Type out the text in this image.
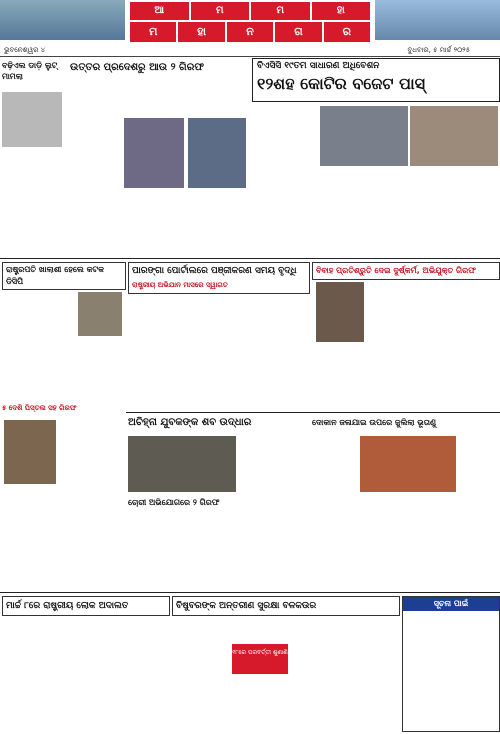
ଆ	ମ	ମ	ହା
ମ	ହା	ନ	ଗ	ର
ଭୁବନେଶ୍ୱର ୪	ବୁଧବାର, ୫ ମାର୍ଚ୍ଚ ୨୦୨୫
ବଢ଼ିଏଲ ଡାଡ଼ି ଲୁଟ୍ ମାମଲା
ଉତ୍ତର ପ୍ରଦେଶରୁ ଆଉ ୨ ଗିରଫ	ବିଏସିସି ୧୯ତମ ସାଧାରଣ ଅଧିବେଶନ
୧୨ଶହ କୋଟିର ବଜେଟ ପାସ୍
ରାଷ୍ଟ୍ରପତି ଖାଲାଶୀ ହେଲେ କଟକ ଡିସିପି
ପାରଙ୍ଗା ପୋର୍ଟାଲରେ ପଞ୍ଜୀକରଣ ସମୟ ବୃଦ୍ଧି
ରାଷ୍ଟ୍ରୀୟ ଅଭିଯାନ ମାସରେ ସ୍ୱାଗତ
ବିବାହ ପ୍ରତିଶ୍ରୁତି ଦେଇ ଦୁର୍ଷ୍କର୍ମ, ଅଭିଯୁକ୍ତ ଗିରଫ
୫ ଦେଶି ପିସ୍ତଲ ସହ ଗିରଫ
ଅଚିହ୍ନା ଯୁବକଙ୍କ ଶବ ଉଦ୍ଧାର
ଚୋରୀ ଅଭିଯୋଗରେ ୨ ଗିରଫ
ଦୋକାନ ଜଳାଯାଇ ଉପରେ ଜୁଲିଲା ଭୂତାଣୁ
ମାର୍ଚ୍ଚ ୮ରେ ରାଷ୍ଟ୍ରୀୟ ଲୋକ ଅଦାଲତ	ବିଷୁବରଙ୍କ ଅନ୍ତରୀଣ ସୁରକ୍ଷା ବଳକଉର
୧୮ରେ ପରବର୍ତ୍ତୀ ଶୁଣାଣି
ସୂଚନା ପାଇଁ
